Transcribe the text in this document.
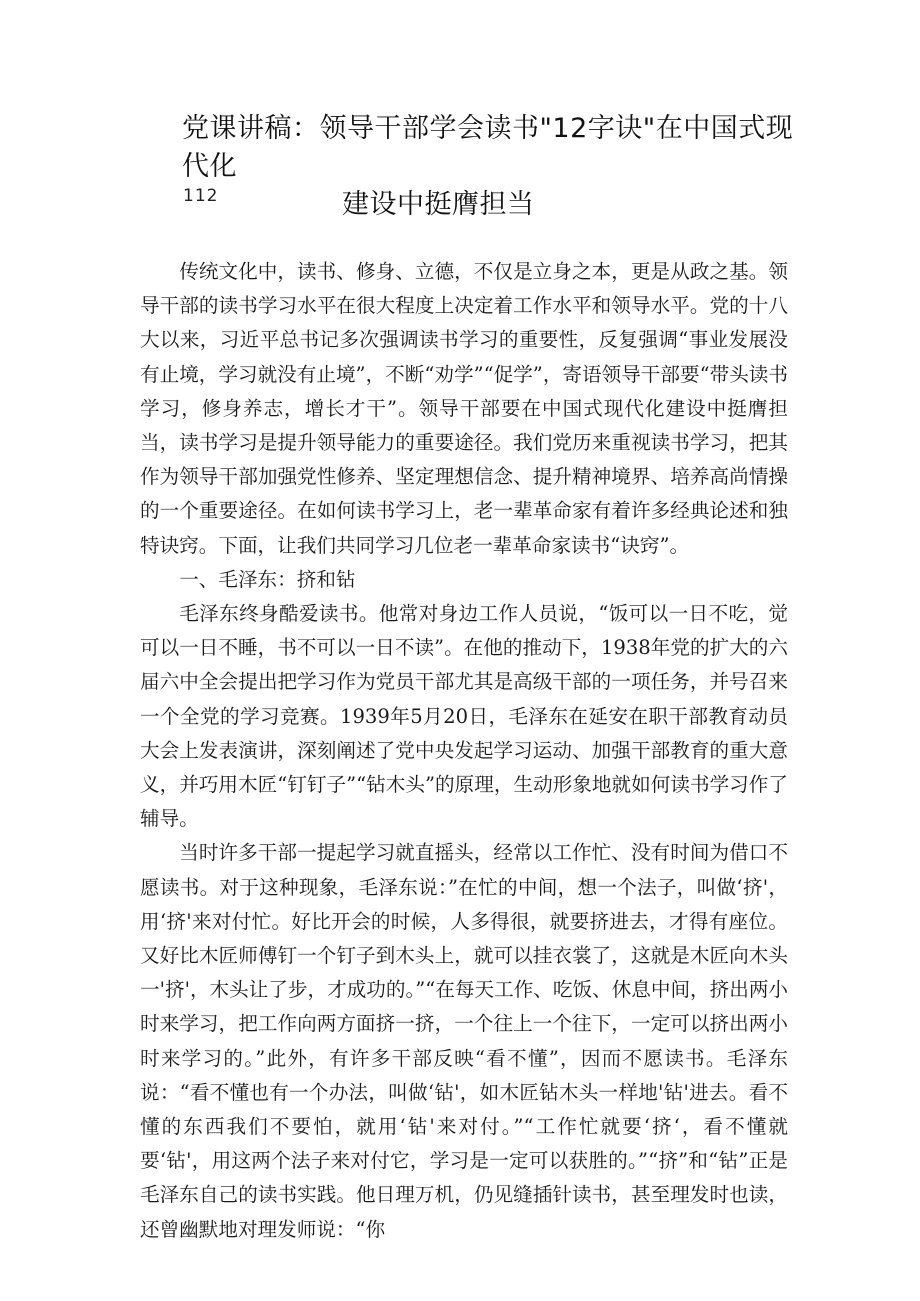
党课讲稿：领导干部学会读书"12字诀"在中国式现代化
建设中挺膺担当
112

传统文化中，读书、修身、立德，不仅是立身之本，更是从政之基。领导干部的读书学习水平在很大程度上决定着工作水平和领导水平。党的十八大以来，习近平总书记多次强调读书学习的重要性，反复强调“事业发展没有止境，学习就没有止境”，不断“劝学”“促学”，寄语领导干部要“带头读书学习，修身养志，增长才干”。领导干部要在中国式现代化建设中挺膺担当，读书学习是提升领导能力的重要途径。我们党历来重视读书学习，把其作为领导干部加强党性修养、坚定理想信念、提升精神境界、培养高尚情操的一个重要途径。在如何读书学习上，老一辈革命家有着许多经典论述和独特诀窍。下面，让我们共同学习几位老一辈革命家读书“诀窍”。

一、毛泽东：挤和钻

毛泽东终身酷爱读书。他常对身边工作人员说，“饭可以一日不吃，觉可以一日不睡，书不可以一日不读”。在他的推动下，1938年党的扩大的六届六中全会提出把学习作为党员干部尤其是高级干部的一项任务，并号召来一个全党的学习竞赛。1939年5月20日，毛泽东在延安在职干部教育动员大会上发表演讲，深刻阐述了党中央发起学习运动、加强干部教育的重大意义，并巧用木匠“钉钉子”“钻木头”的原理，生动形象地就如何读书学习作了辅导。

当时许多干部一提起学习就直摇头，经常以工作忙、没有时间为借口不愿读书。对于这种现象，毛泽东说：”在忙的中间，想一个法子，叫做‘挤'，用‘挤'来对付忙。好比开会的时候，人多得很，就要挤进去，才得有座位。又好比木匠师傅钉一个钉子到木头上，就可以挂衣裳了，这就是木匠向木头一'挤'，木头让了步，才成功的。”“在每天工作、吃饭、休息中间，挤出两小时来学习，把工作向两方面挤一挤，一个往上一个往下，一定可以挤出两小时来学习的。”此外，有许多干部反映“看不懂”，因而不愿读书。毛泽东说：“看不懂也有一个办法，叫做‘钻'，如木匠钻木头一样地'钻'进去。看不懂的东西我们不要怕，就用‘钻'来对付。”“工作忙就要‘挤‘，看不懂就要‘钻'，用这两个法子来对付它，学习是一定可以获胜的。”“挤”和“钻”正是毛泽东自己的读书实践。他日理万机，仍见缝插针读书，甚至理发时也读，还曾幽默地对理发师说：“你
